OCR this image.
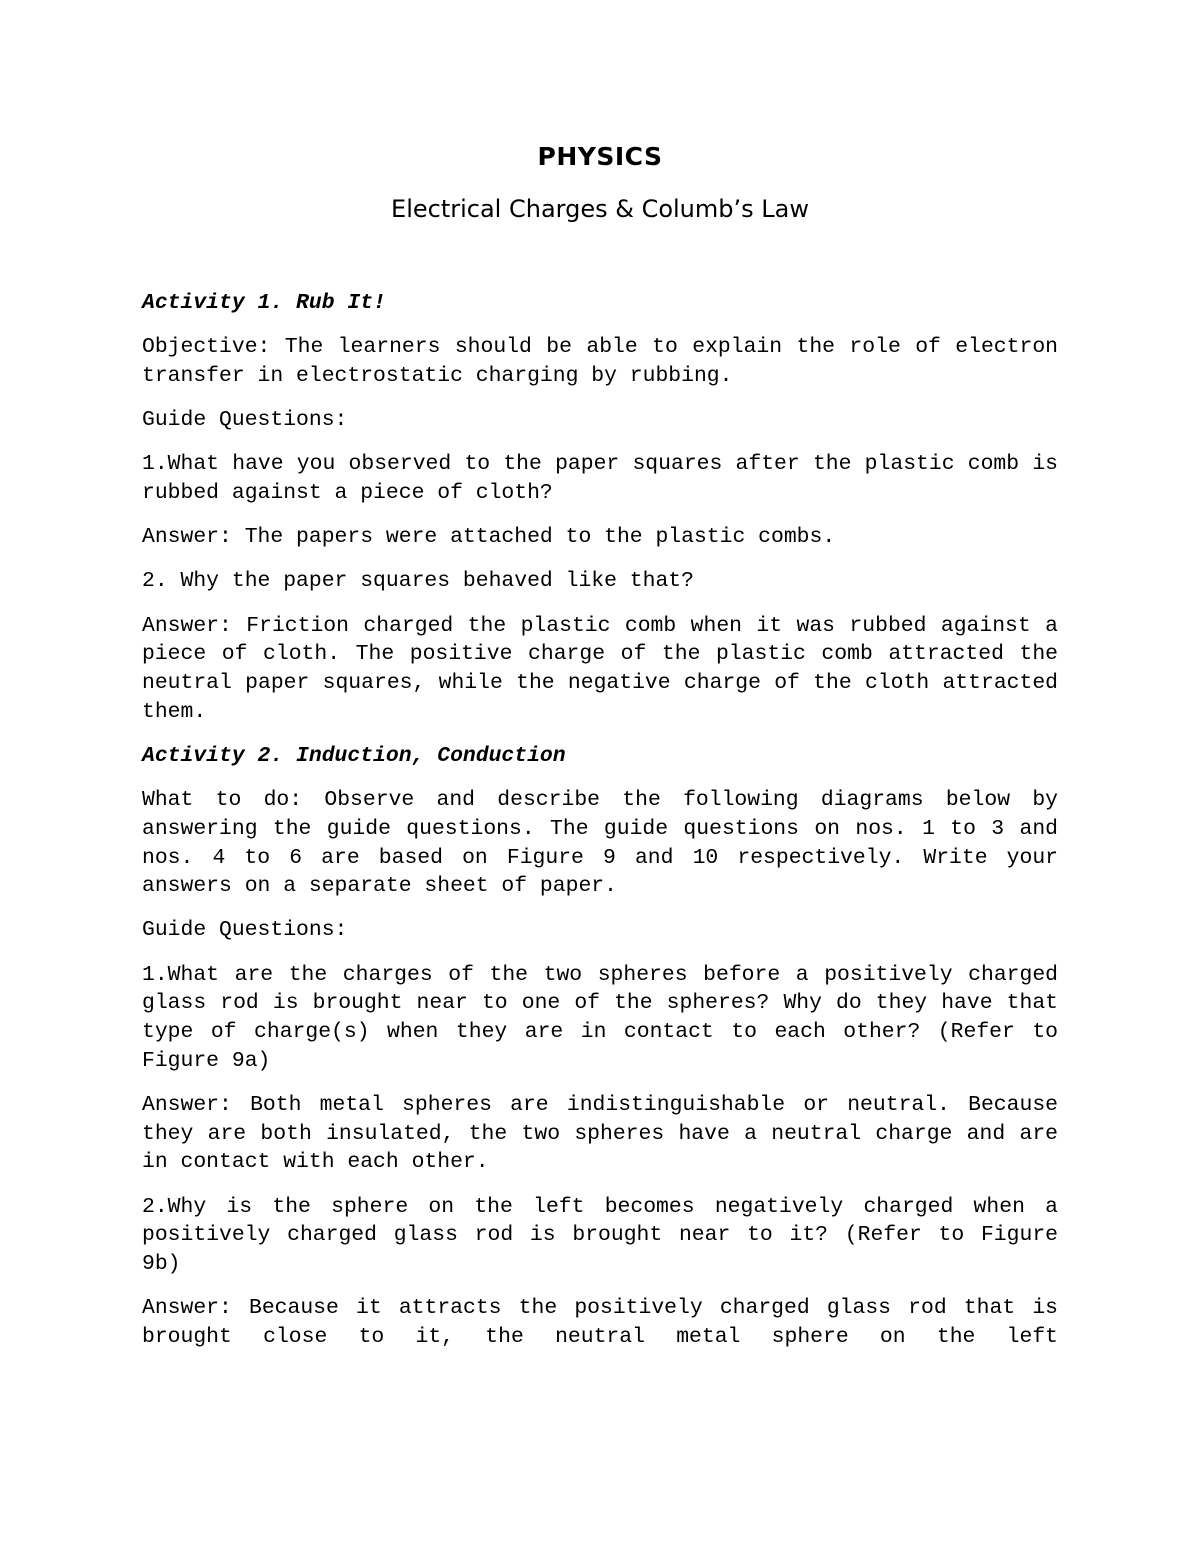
PHYSICS
Electrical Charges & Columb’s Law
Activity 1. Rub It!

Objective: The learners should be able to explain the role of electron transfer in electrostatic charging by rubbing.

Guide Questions:

1.What have you observed to the paper squares after the plastic comb is rubbed against a piece of cloth?

Answer: The papers were attached to the plastic combs.

2. Why the paper squares behaved like that?

Answer: Friction charged the plastic comb when it was rubbed against a piece of cloth. The positive charge of the plastic comb attracted the neutral paper squares, while the negative charge of the cloth attracted them.

Activity 2. Induction, Conduction

What to do: Observe and describe the following diagrams below by answering the guide questions. The guide questions on nos. 1 to 3 and nos. 4 to 6 are based on Figure 9 and 10 respectively. Write your answers on a separate sheet of paper.

Guide Questions:

1.What are the charges of the two spheres before a positively charged glass rod is brought near to one of the spheres? Why do they have that type of charge(s) when they are in contact to each other? (Refer to Figure 9a)

Answer: Both metal spheres are indistinguishable or neutral. Because they are both insulated, the two spheres have a neutral charge and are in contact with each other.

2.Why is the sphere on the left becomes negatively charged when a positively charged glass rod is brought near to it? (Refer to Figure 9b)

Answer: Because it attracts the positively charged glass rod that is brought close to it, the neutral metal sphere on the left
